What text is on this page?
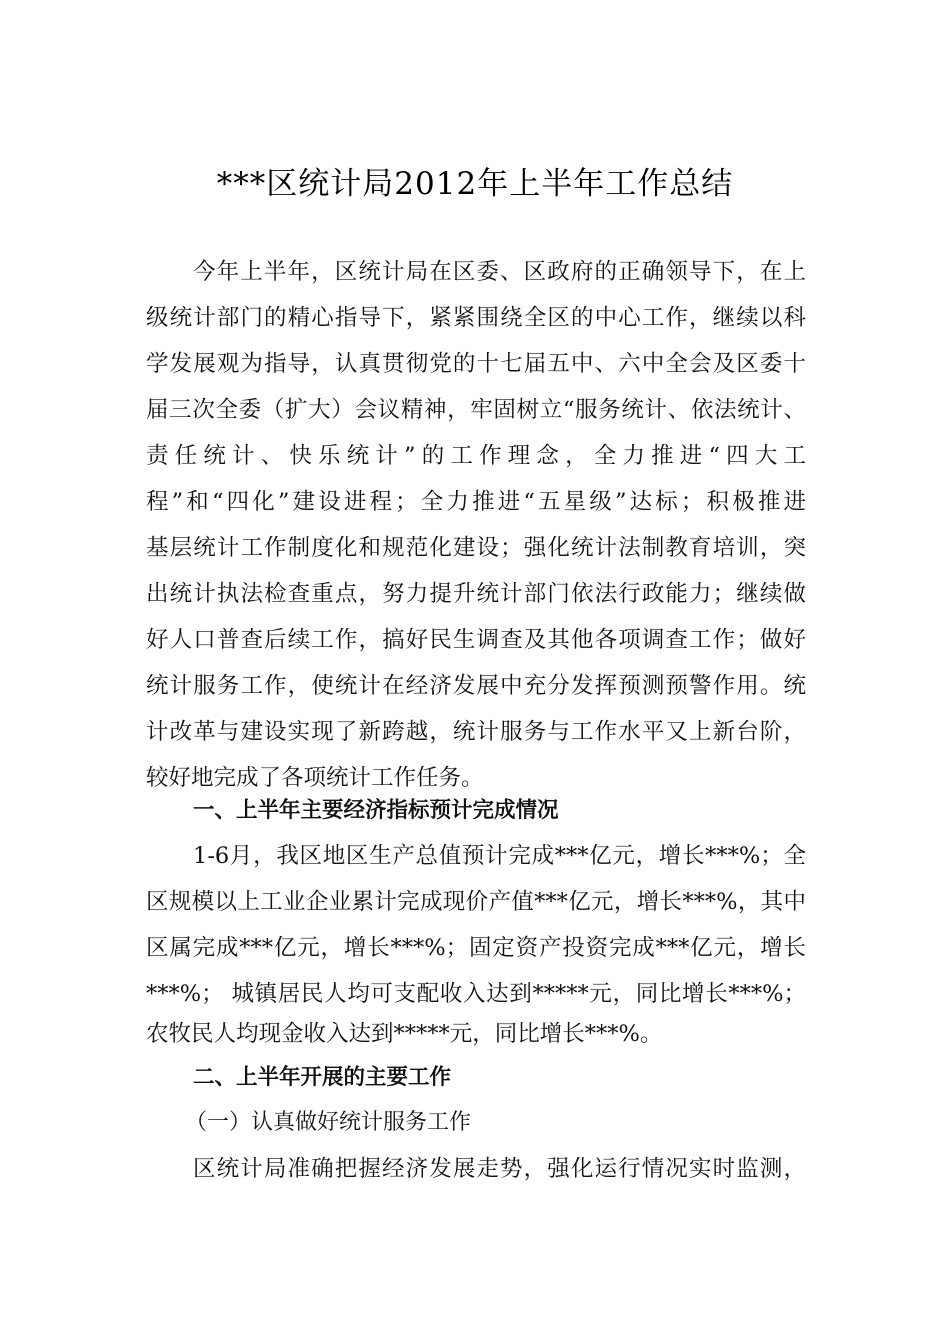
***区统计局2012年上半年工作总结
今年上半年，区统计局在区委、区政府的正确领导下，在上
级统计部门的精心指导下，紧紧围绕全区的中心工作，继续以科
学发展观为指导，认真贯彻党的十七届五中、六中全会及区委十
届三次全委（扩大）会议精神，牢固树立“服务统计、依法统计、
责任统计、快乐统计”的工作理念，全力推进“四大工
程”和“四化”建设进程；全力推进“五星级”达标；积极推进
基层统计工作制度化和规范化建设；强化统计法制教育培训，突
出统计执法检查重点，努力提升统计部门依法行政能力；继续做
好人口普查后续工作，搞好民生调查及其他各项调查工作；做好
统计服务工作，使统计在经济发展中充分发挥预测预警作用。统
计改革与建设实现了新跨越，统计服务与工作水平又上新台阶，
较好地完成了各项统计工作任务。
一、上半年主要经济指标预计完成情况
1-6月，我区地区生产总值预计完成***亿元，增长***%；全
区规模以上工业企业累计完成现价产值***亿元，增长***%，其中
区属完成***亿元，增长***%；固定资产投资完成***亿元，增长
***%； 城镇居民人均可支配收入达到*****元，同比增长***%；
农牧民人均现金收入达到*****元，同比增长***%。
二、上半年开展的主要工作
（一）认真做好统计服务工作
区统计局准确把握经济发展走势，强化运行情况实时监测，
